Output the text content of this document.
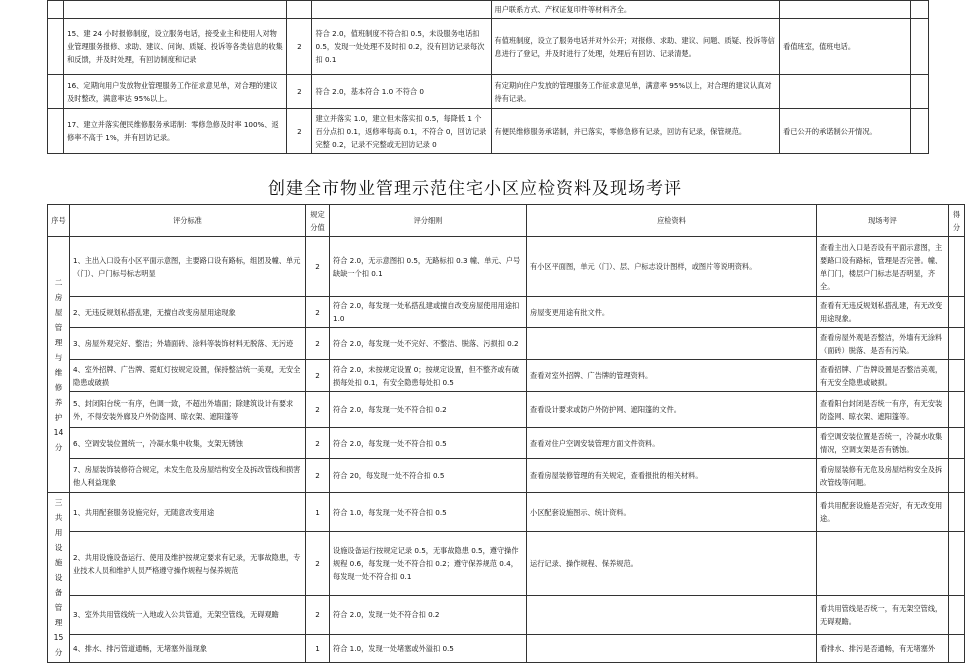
				用户联系方式、产权证复印件等材料齐全。		
	15、建 24 小时报修制度，设立服务电话，接受业主和使用人对物业管理服务报修、求助、建议、问询、质疑、投诉等各类信息的收集和反馈，并及时处理，有回访制度和记录	2	符合 2.0，值班制度不符合扣 0.5，未设服务电话扣 0.5，发现一处处理不及时扣 0.2，没有回访记录每次扣 0.1	有值班制度，设立了服务电话并对外公开；对报修、求助、建议、问题、质疑、投诉等信息进行了登记，并及时进行了处理，处理后有回访、记录清楚。	看值班室，值班电话。	
	16、定期向用户发放物业管理服务工作征求意见单，对合理的建议及时整改，满意率达 95%以上。	2	符合 2.0，基本符合 1.0 不符合 0	有定期向住户发放的管理服务工作征求意见单，满意率 95%以上，对合理的建议认真对待有记录。		
	17、建立并落实便民维修服务承诺制：零修急修及时率 100%、返修率不高于 1%，并有回访记录。	2	建立并落实 1.0，建立但未落实扣 0.5，每降低 1 个百分点扣 0.1，返修率每高 0.1，不符合 0，回访记录完整 0.2，记录不完整或无回访记录 0	有便民维修服务承诺制，并已落实，零修急修有记录，回访有记录，保管规范。	看已公开的承诺制公开情况。	
创建全市物业管理示范住宅小区应检资料及现场考评
序号	评分标准	规定分值	评分细则	应检资料	现场考评	得分
二房屋管理与维修养护 14 分	1、主出入口设有小区平面示意图，主要路口设有路标，组团及幢、单元（门）、户门标号标志明显	2	符合 2.0，无示意图扣 0.5，无路标扣 0.3 幢、单元、户号缺缺一个扣 0.1	有小区平面图，单元（门）、层、户标志设计图样，或图片等说明资料。	查看主出入口是否设有平面示意图，主要路口设有路标，管理是否完善。幢、单门门，楼层户门标志是否明显，齐全。	
	2、无违反规划私搭乱建，无擅自改变房屋用途现象	2	符合 2.0，每发现一处私搭乱建或擅自改变房屋使用用途扣 1.0	房屋变更用途有批文件。	查看有无违反规划私搭乱建，有无改变用途现象。	
	3、房屋外观完好、整洁；外墙面砖、涂料等装饰材料无脱落、无污迹	2	符合 2.0，每发现一处不完好、不整洁、脱落、污损扣 0.2		查看房屋外观是否整洁，外墙有无涂料（面砖）脱落、是否有污染。	
	4、室外招牌、广告牌、霓虹灯按规定设置，保持整洁统一美观，无安全隐患或破损	2	符合 2.0，未按规定设置 0；按规定设置，但不整齐或有破损每处扣 0.1，有安全隐患每处扣 0.5	查看对室外招牌、广告牌的管理资料。	查看招牌、广告牌设置是否整洁美观，有无安全隐患或破损。	
	5、封闭阳台统一有序，色调一致，不超出外墙面；除建筑设计有要求外，不得安装外廊及户外防盗网、晾衣架、遮阳篷等	2	符合 2.0，每发现一处不符合扣 0.2	查看设计要求或防户外防护网、遮阳篷的文件。	查看阳台封闭是否统一有序，有无安装防盗网、晾衣架、遮阳篷等。	
	6、空调安装位置统一，冷凝水集中收集，支架无锈蚀	2	符合 2.0，每发现一处不符合扣 0.5	查看对住户空调安装管理方面文件资料。	看空调安装位置是否统一，冷凝水收集情况，空调支架是否有锈蚀。	
	7、房屋装饰装修符合规定，未发生危及房屋结构安全及拆改管线和损害他人利益现象	2	符合 20，每发现一处不符合扣 0.5	查看房屋装修管理的有关规定，查看报批的相关材料。	看房屋装修有无危及房屋结构安全及拆改管线等问题。	
三共用设施设备管理 15 分	1、共用配套服务设施完好，无随意改变用途	1	符合 1.0，每发现一处不符合扣 0.5	小区配套设施图示、统计资料。	看共用配套设施是否完好，有无改变用途。	
	2、共用设施设备运行、使用及维护按规定要求有记录，无事故隐患，专业技术人员和维护人员严格遵守操作规程与保养规范	2	设施设备运行按规定记录 0.5，无事故隐患 0.5，遵守操作规程 0.6，每发现一处不符合扣 0.2；遵守保养规范 0.4，每发现一处不符合扣 0.1	运行记录、操作规程、保养规范。		
	3、室外共用管线统一入地或入公共管道，无架空管线，无碍观瞻	2	符合 2.0，发现一处不符合扣 0.2		看共用管线是否统一，有无架空管线，无碍观瞻。	
	4、排水、排污管道通畅，无堵塞外溢现象	1	符合 1.0，发现一处堵塞或外溢扣 0.5		看排水、排污是否通畅，有无堵塞外	
